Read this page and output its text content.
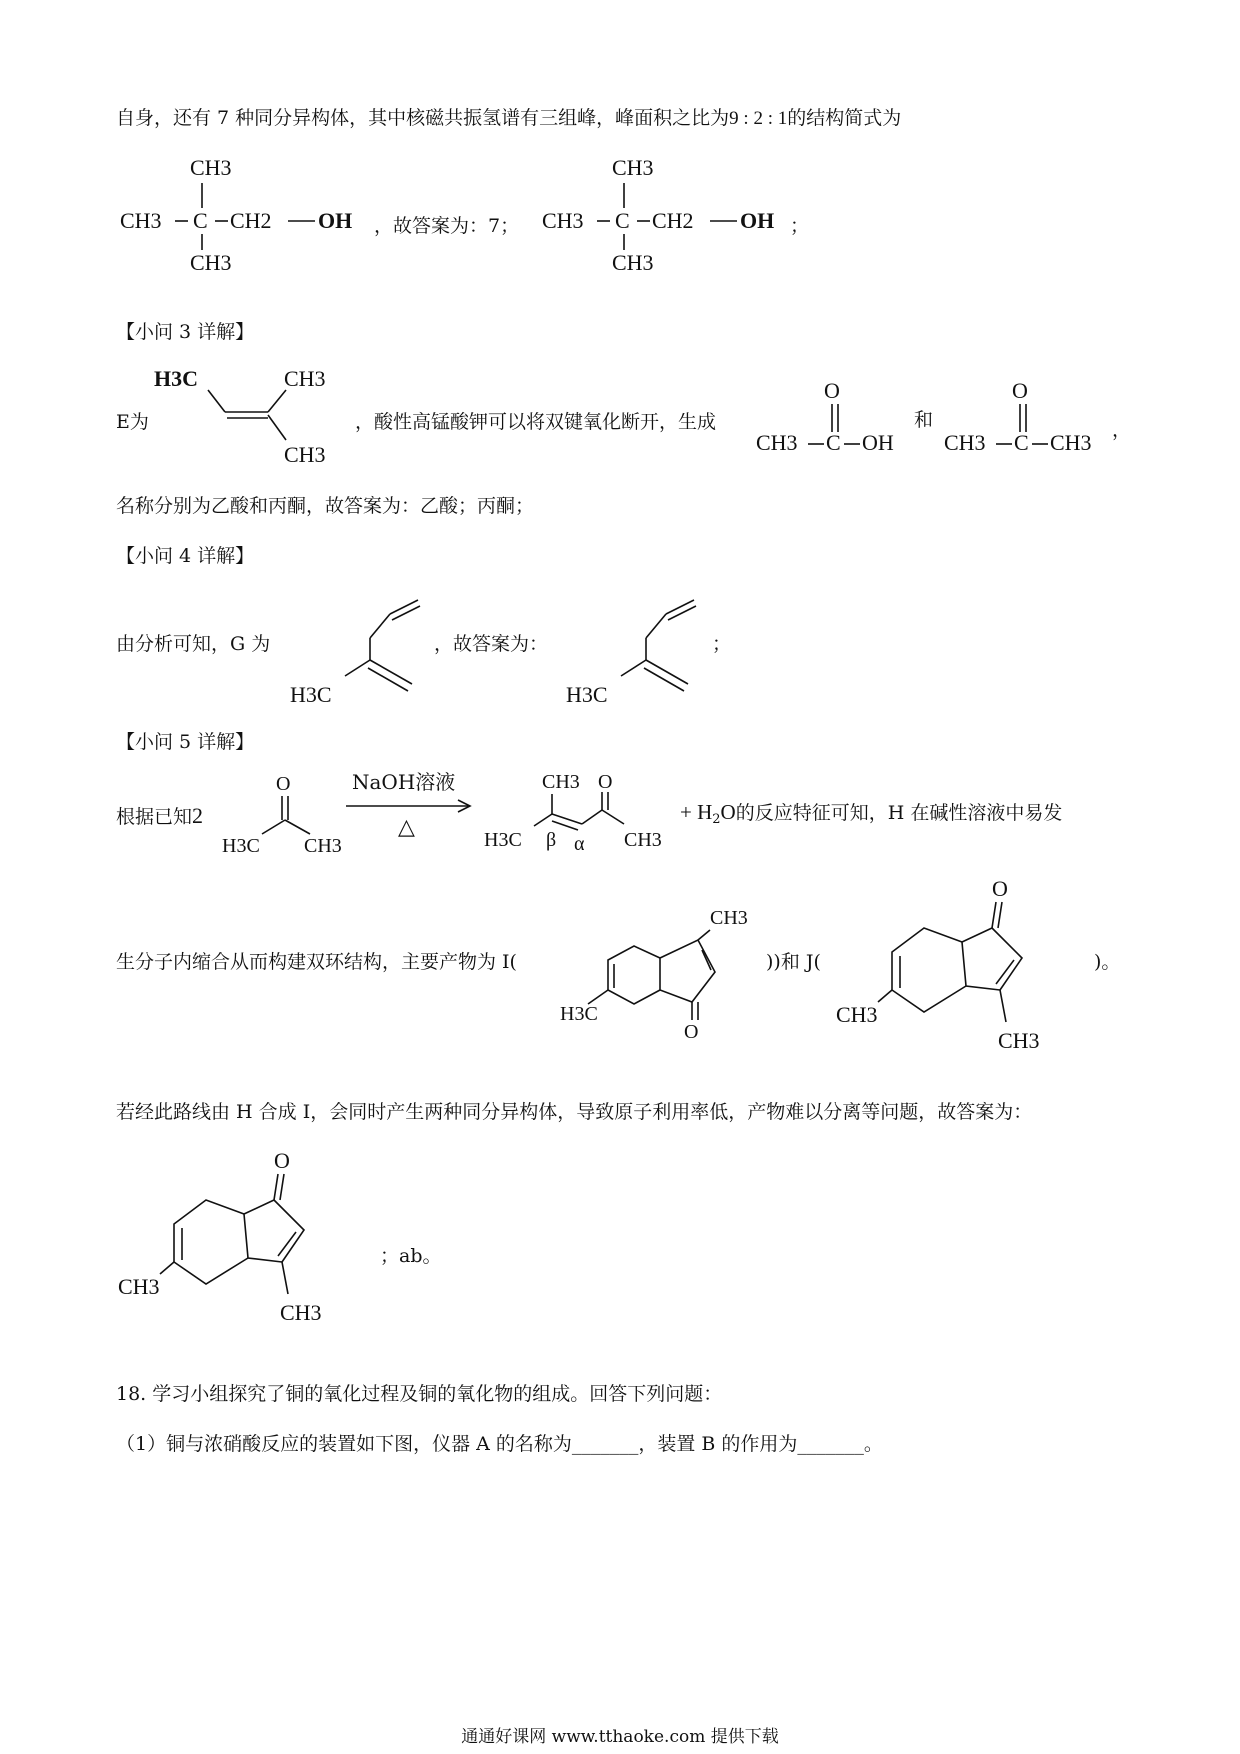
自身，还有 7 种同分异构体，其中核磁共振氢谱有三组峰，峰面积之比为9 : 2 : 1的结构简式为
CH3
CH3 C CH2 OH
CH3
，故答案为：7；
CH3
CH3 C CH2 OH
CH3
；
【小问 3 详解】
E为
H3C	CH3
CH3
，酸性高锰酸钾可以将双键氧化断开，生成
O
CH3 C OH
和
O
CH3 C CH3 ，
名称分别为乙酸和丙酮，故答案为：乙酸；丙酮；
【小问 4 详解】
由分析可知，G 为
H3C
，故答案为：
H3C
；
【小问 5 详解】
根据已知2
O
H3C CH3
NaOH溶液
△
CH3 O
H3C β α CH3
+ $H_2O$的反应特征可知，H 在碱性溶液中易发
生分子内缩合从而构建双环结构，主要产物为 I(
CH3
O
H3C
))和 J(
O
CH3
CH3
)。
若经此路线由 H 合成 I，会同时产生两种同分异构体，导致原子利用率低，产物难以分离等问题，故答案为：
O
CH3
CH3
；ab。
18. 学习小组探究了铜的氧化过程及铜的氧化物的组成。回答下列问题：
（1）铜与浓硝酸反应的装置如下图，仪器 A 的名称为_______，装置 B 的作用为_______。
通通好课网 www.tthaoke.com 提供下载
